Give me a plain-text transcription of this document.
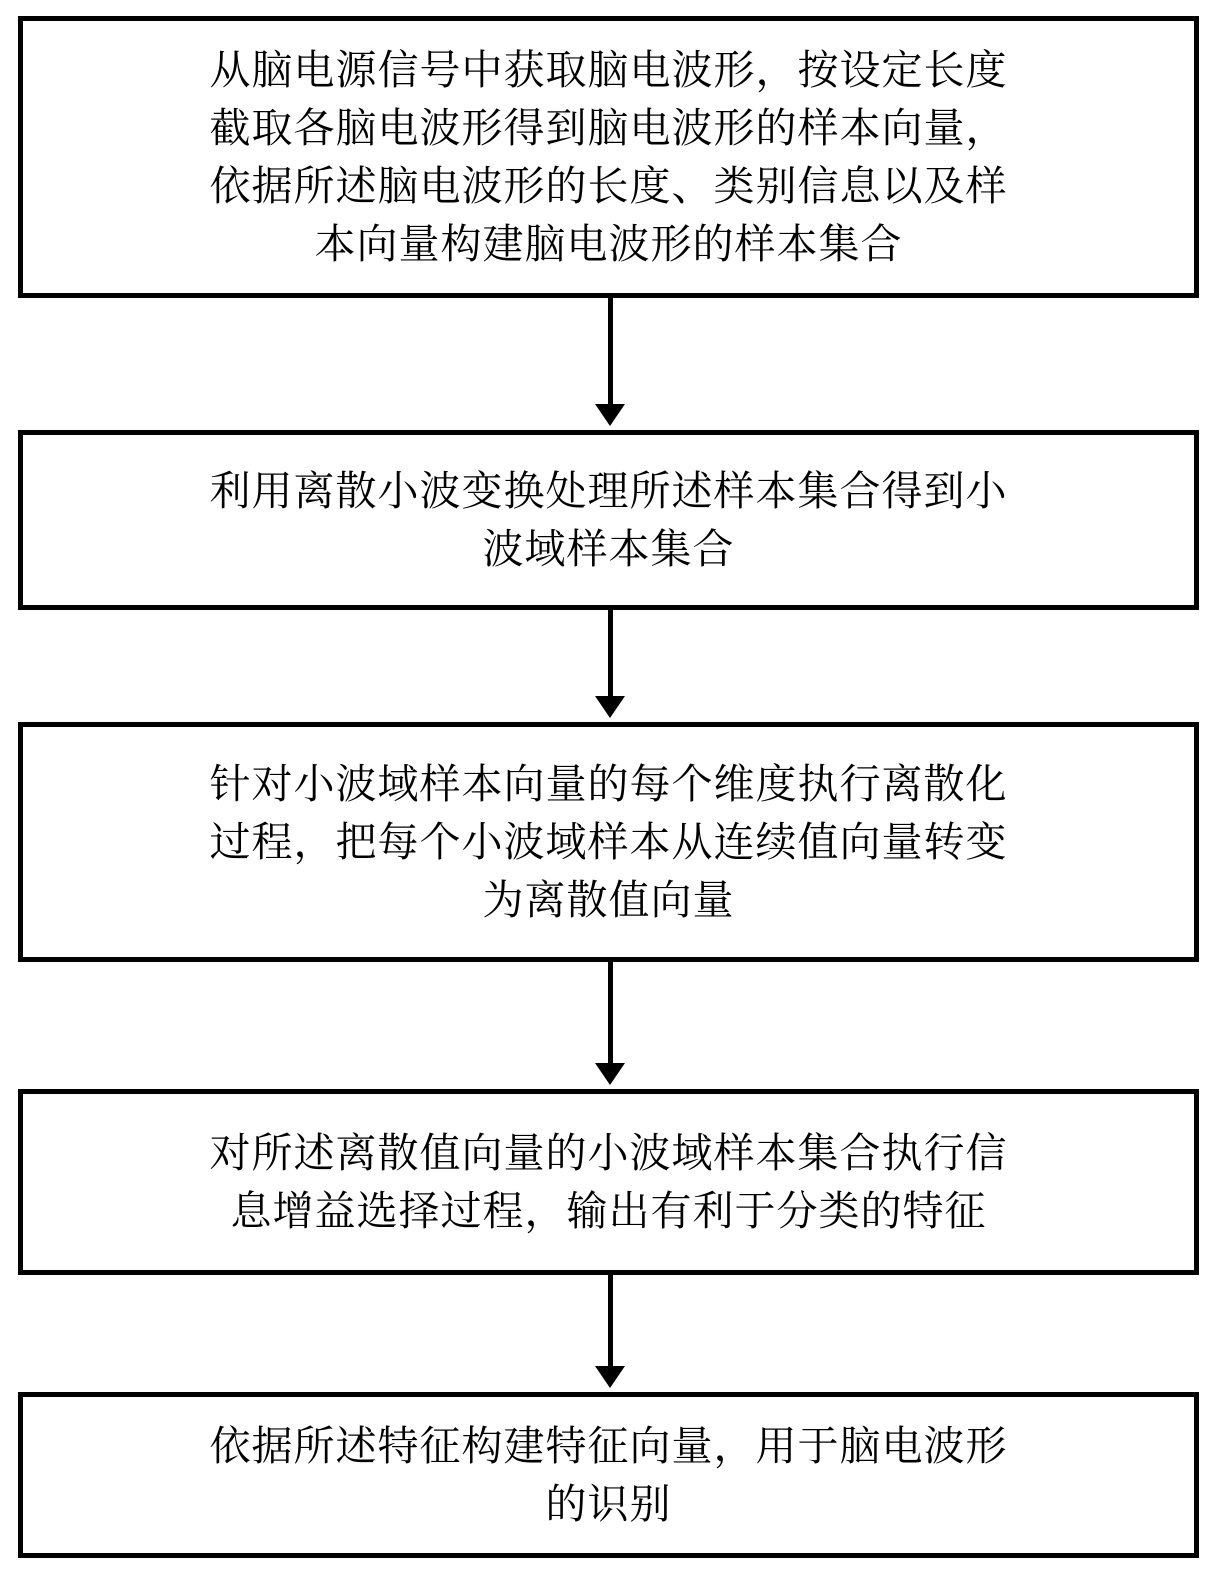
从脑电源信号中获取脑电波形，按设定长度
截取各脑电波形得到脑电波形的样本向量，
依据所述脑电波形的长度、类别信息以及样
本向量构建脑电波形的样本集合
利用离散小波变换处理所述样本集合得到小
波域样本集合
针对小波域样本向量的每个维度执行离散化
过程，把每个小波域样本从连续值向量转变
为离散值向量
对所述离散值向量的小波域样本集合执行信
息增益选择过程，输出有利于分类的特征
依据所述特征构建特征向量，用于脑电波形
的识别
